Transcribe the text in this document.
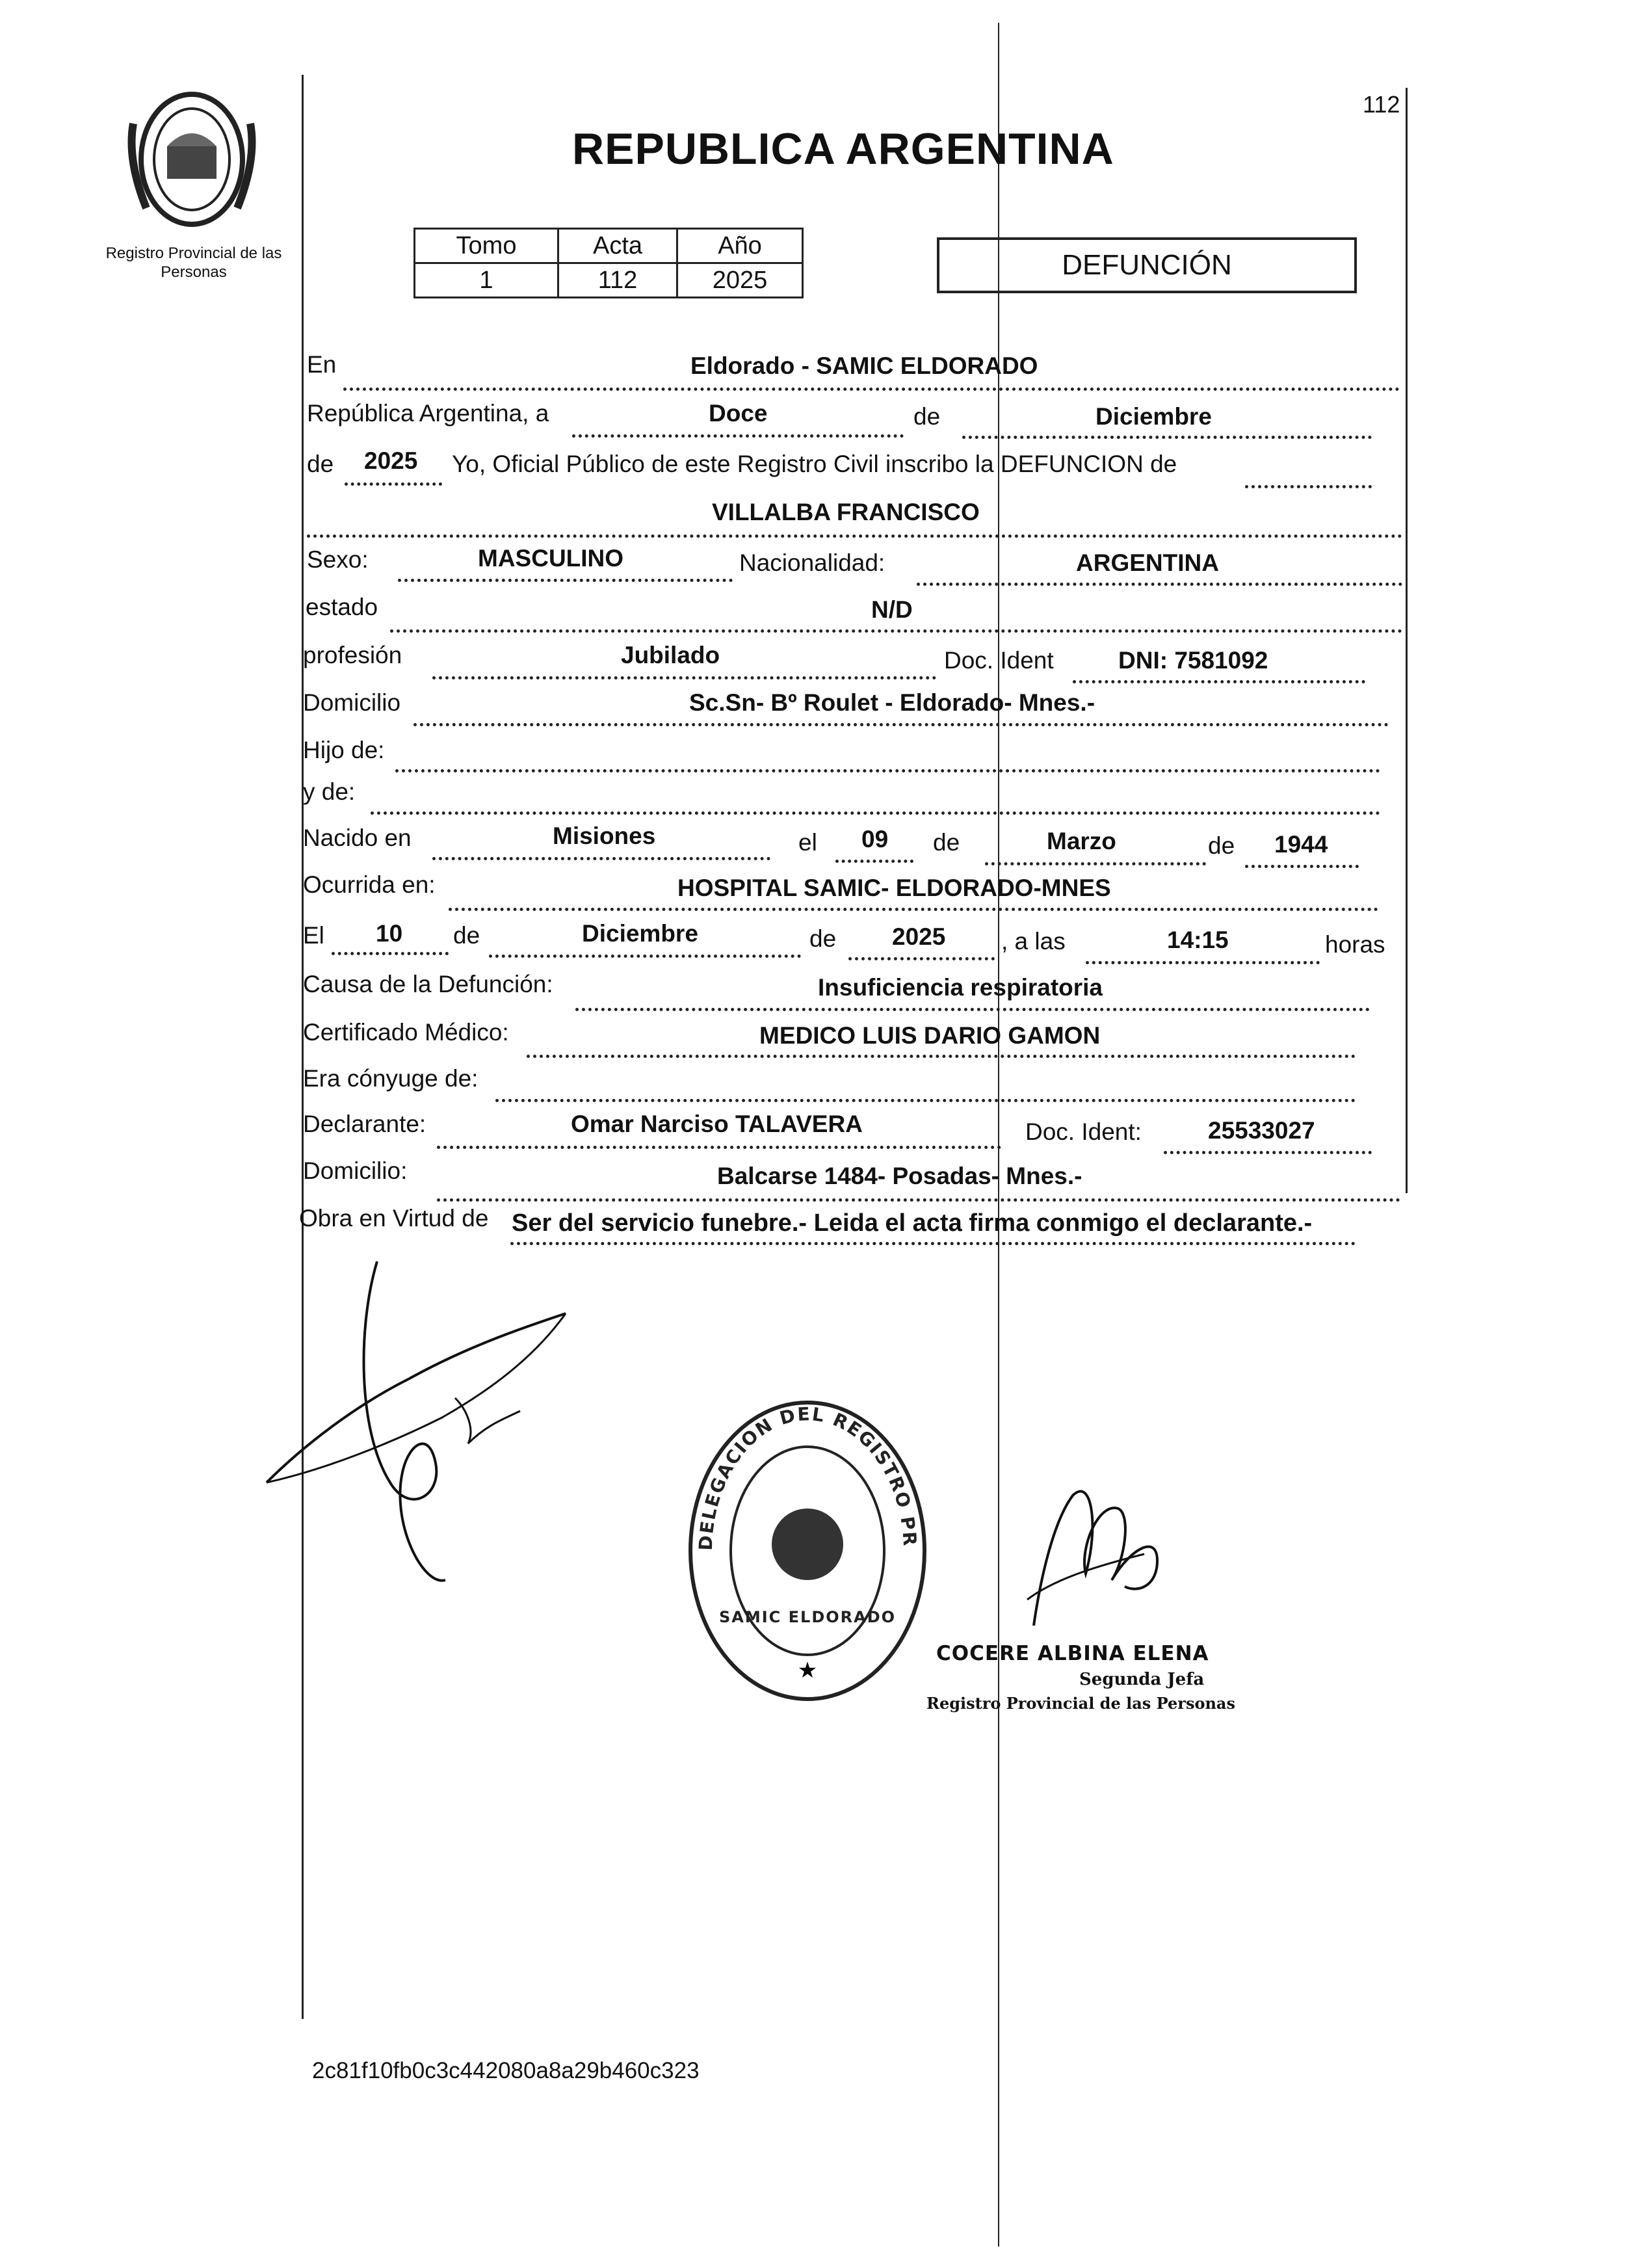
112
Registro Provincial de las Personas
REPUBLICA ARGENTINA
Tomo	Acta	Año
1	112	2025	DEFUNCIÓN
En	Eldorado - SAMIC ELDORADO
República Argentina, a	Doce	de	Diciembre
de 2025 Yo, Oficial Público de este Registro Civil inscribo la DEFUNCION de
VILLALBA FRANCISCO
Sexo:	MASCULINO	Nacionalidad:	ARGENTINA
estado	N/D
profesión	Jubilado	Doc. Ident	DNI: 7581092
Domicilio	Sc.Sn- Bº Roulet - Eldorado- Mnes.-
Hijo de:
y de:
Nacido en	Misiones	el 09 de	Marzo	de 1944
Ocurrida en:	HOSPITAL SAMIC- ELDORADO-MNES
El 10 de	Diciembre	de 2025 , a las	14:15	horas
Causa de la Defunción:	Insuficiencia respiratoria
Certificado Médico:	MEDICO LUIS DARIO GAMON
Era cónyuge de:
Declarante:	Omar Narciso TALAVERA	Doc. Ident:	25533027
Domicilio:	Balcarse 1484- Posadas- Mnes.-
Obra en Virtud de Ser del servicio funebre.- Leida el acta firma conmigo el declarante.-
DELEGACION DEL REGISTRO PR
SAMIC ELDORADO
★
COCERE ALBINA ELENA
Segunda Jefa
Registro Provincial de las Personas
2c81f10fb0c3c442080a8a29b460c323
